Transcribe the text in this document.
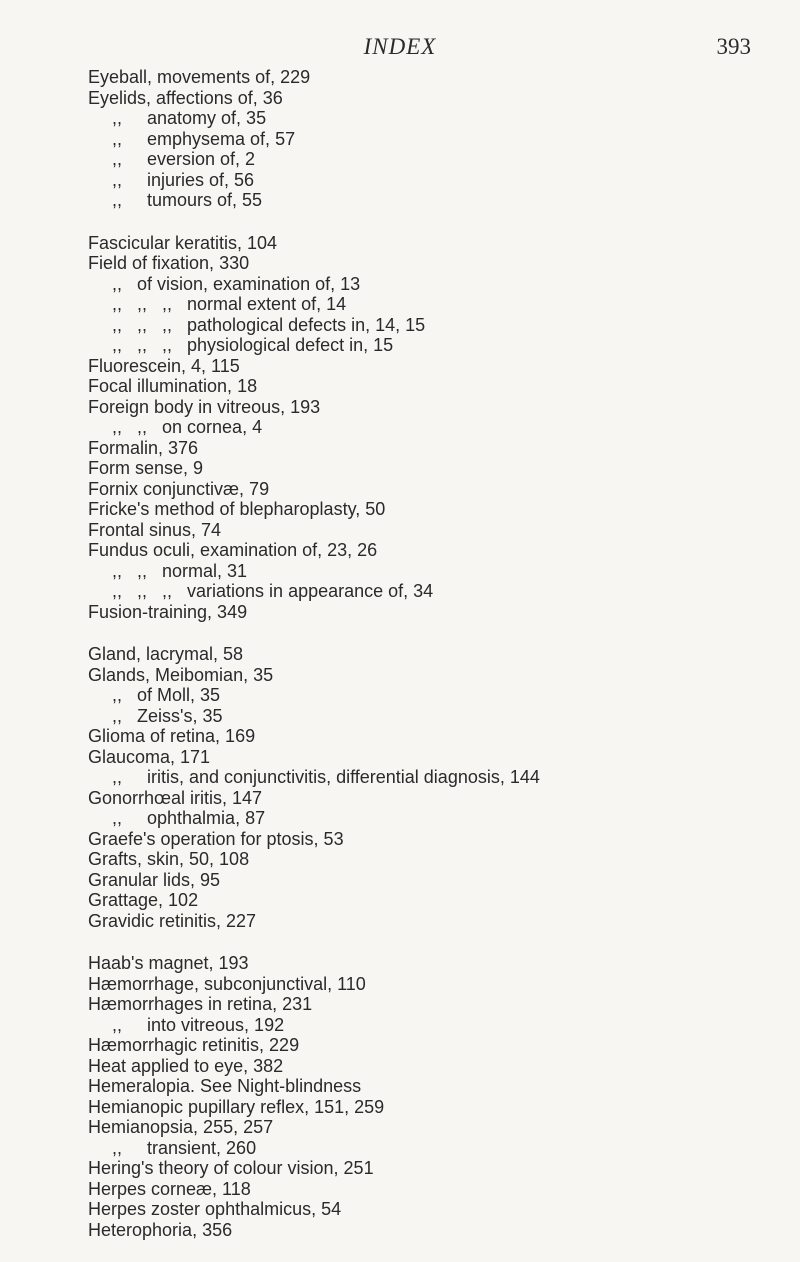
INDEX	393
Eyeball, movements of, 229
Eyelids, affections of, 36
,,     anatomy of, 35
,,     emphysema of, 57
,,     eversion of, 2
,,     injuries of, 56
,,     tumours of, 55
Fascicular keratitis, 104
Field of fixation, 330
,,   of vision, examination of, 13
,,   ,,   ,,   normal extent of, 14
,,   ,,   ,,   pathological defects in, 14, 15
,,   ,,   ,,   physiological defect in, 15
Fluorescein, 4, 115
Focal illumination, 18
Foreign body in vitreous, 193
,,   ,,   on cornea, 4
Formalin, 376
Form sense, 9
Fornix conjunctivæ, 79
Fricke's method of blepharoplasty, 50
Frontal sinus, 74
Fundus oculi, examination of, 23, 26
,,   ,,   normal, 31
,,   ,,   ,,   variations in appearance of, 34
Fusion-training, 349
Gland, lacrymal, 58
Glands, Meibomian, 35
,,   of Moll, 35
,,   Zeiss's, 35
Glioma of retina, 169
Glaucoma, 171
,,     iritis, and conjunctivitis, differential diagnosis, 144
Gonorrhœal iritis, 147
,,     ophthalmia, 87
Graefe's operation for ptosis, 53
Grafts, skin, 50, 108
Granular lids, 95
Grattage, 102
Gravidic retinitis, 227
Haab's magnet, 193
Hæmorrhage, subconjunctival, 110
Hæmorrhages in retina, 231
,,     into vitreous, 192
Hæmorrhagic retinitis, 229
Heat applied to eye, 382
Hemeralopia. See Night-blindness
Hemianopic pupillary reflex, 151, 259
Hemianopsia, 255, 257
,,     transient, 260
Hering's theory of colour vision, 251
Herpes corneæ, 118
Herpes zoster ophthalmicus, 54
Heterophoria, 356
